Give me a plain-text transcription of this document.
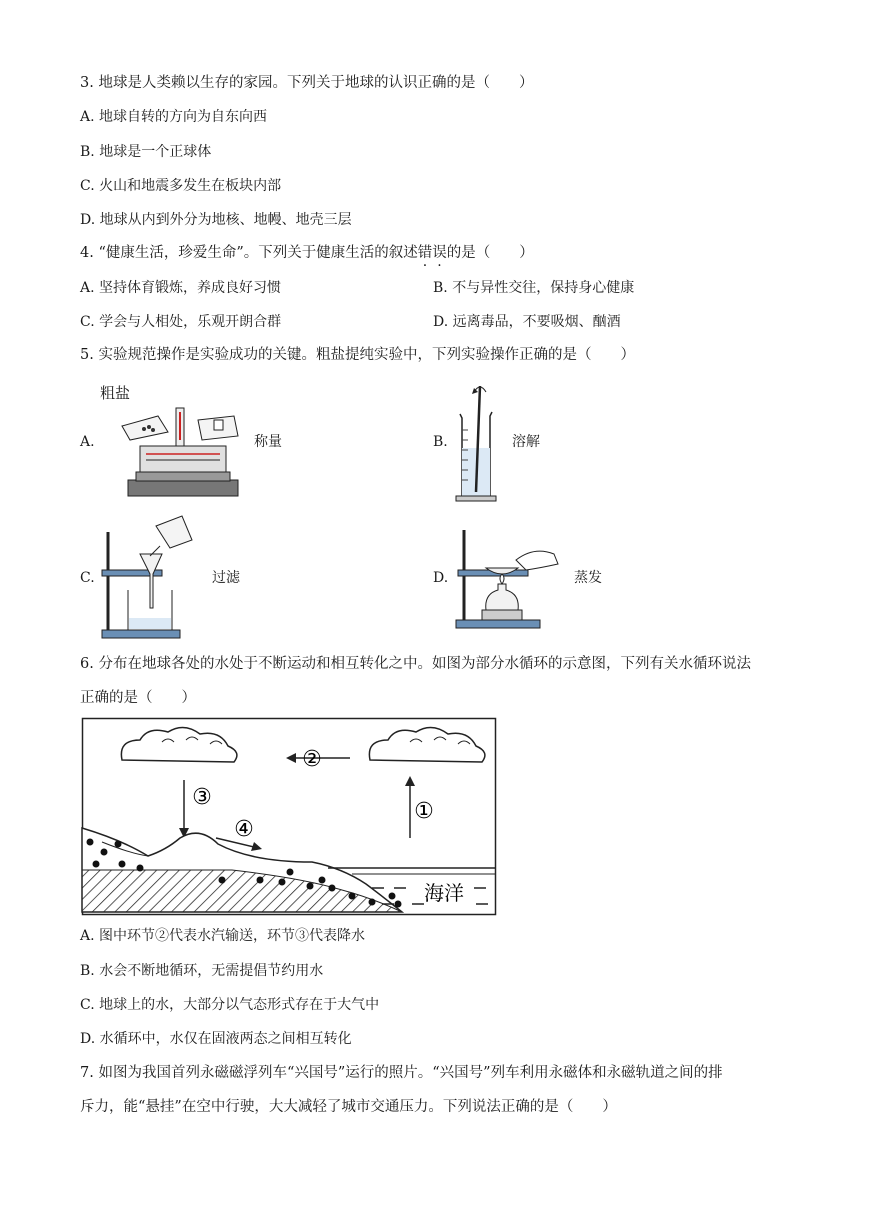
3. 地球是人类赖以生存的家园。下列关于地球的认识正确的是（　　）
A. 地球自转的方向为自东向西
B. 地球是一个正球体
C. 火山和地震多发生在板块内部
D. 地球从内到外分为地核、地幔、地壳三层
4. “健康生活，珍爱生命”。下列关于健康生活的叙述错误的是（　　）
A. 坚持体育锻炼，养成良好习惯	B. 不与异性交往，保持身心健康
C. 学会与人相处，乐观开朗合群	D. 远离毒品，不要吸烟、酗酒
5. 实验规范操作是实验成功的关键。粗盐提纯实验中，下列实验操作正确的是（　　）
A.
粗盐
称量	B.	溶解
C.	过滤	D.	蒸发
6. 分布在地球各处的水处于不断运动和相互转化之中。如图为部分水循环的示意图，下列有关水循环说法
正确的是（　　）
②
①
③
④
海洋
A. 图中环节②代表水汽输送，环节③代表降水
B. 水会不断地循环，无需提倡节约用水
C. 地球上的水，大部分以气态形式存在于大气中
D. 水循环中，水仅在固液两态之间相互转化
7. 如图为我国首列永磁磁浮列车“兴国号”运行的照片。“兴国号”列车利用永磁体和永磁轨道之间的排
斥力，能“悬挂”在空中行驶，大大减轻了城市交通压力。下列说法正确的是（　　）
